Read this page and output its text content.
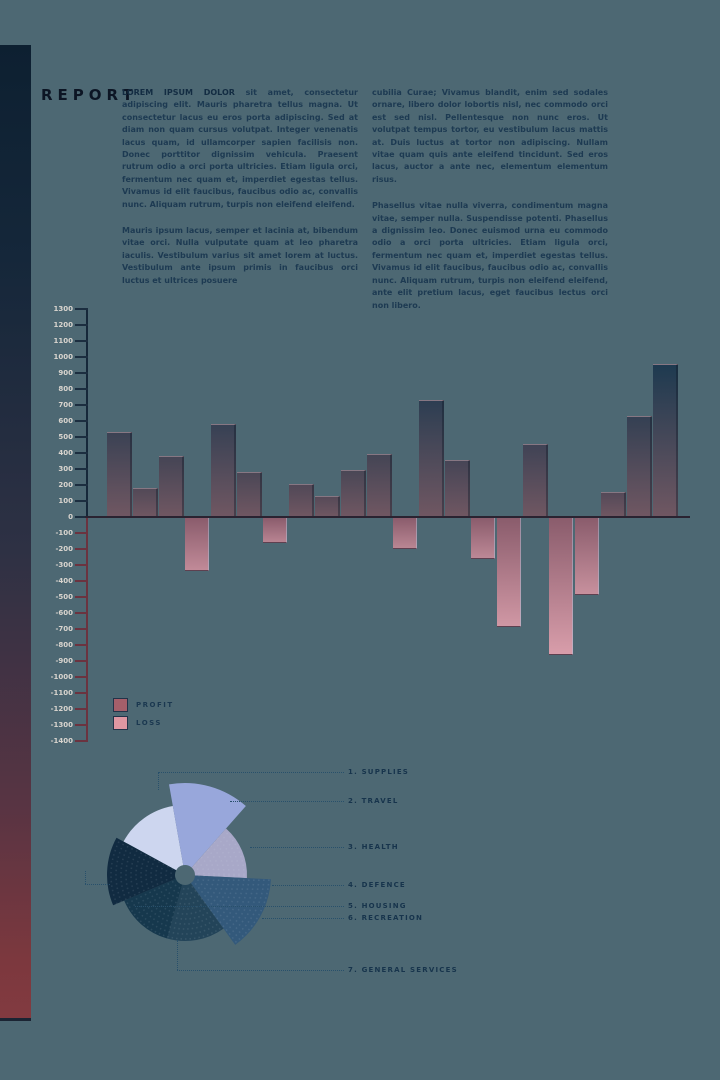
REPORT

LOREM IPSUM DOLOR sit amet, consectetur adipiscing elit. Mauris pharetra tellus magna. Ut consectetur lacus eu eros porta adipiscing. Sed at diam non quam cursus volutpat. Integer venenatis lacus quam, id ullamcorper sapien facilisis non. Donec porttitor dignissim vehicula. Praesent rutrum odio a orci porta ultricies. Etiam ligula orci, fermentum nec quam et, imperdiet egestas tellus. Vivamus id elit faucibus, faucibus odio ac, convallis nunc. Aliquam rutrum, turpis non eleifend eleifend.

Mauris ipsum lacus, semper et lacinia at, bibendum vitae orci. Nulla vulputate quam at leo pharetra iaculis. Vestibulum varius sit amet lorem at luctus. Vestibulum ante ipsum primis in faucibus orci luctus et ultrices posuere

cubilia Curae; Vivamus blandit, enim sed sodales ornare, libero dolor lobortis nisl, nec commodo orci est sed nisl. Pellentesque non nunc eros. Ut volutpat tempus tortor, eu vestibulum lacus mattis at. Duis luctus at tortor non adipiscing. Nullam vitae quam quis ante eleifend tincidunt. Sed eros lacus, auctor a ante nec, elementum elementum risus.

Phasellus vitae nulla viverra, condimentum magna vitae, semper nulla. Suspendisse potenti. Phasellus a dignissim leo. Donec euismod urna eu commodo odio a orci porta ultricies. Etiam ligula orci, fermentum nec quam et, imperdiet egestas tellus. Vivamus id elit faucibus, faucibus odio ac, convallis nunc. Aliquam rutrum, turpis non eleifend eleifend, ante elit pretium lacus, eget faucibus lectus orci non libero.

1300
1200
1100
1000
900
800
700
600
500
400
300
200
100
0
-100
-200
-300
-400
-500
-600
-700
-800
-900
-1000
-1100
-1200
-1300
-1400
PROFIT
LOSS
1. SUPPLIES
2. TRAVEL
3. HEALTH
4. DEFENCE
5. HOUSING
6. RECREATION
7. GENERAL SERVICES
